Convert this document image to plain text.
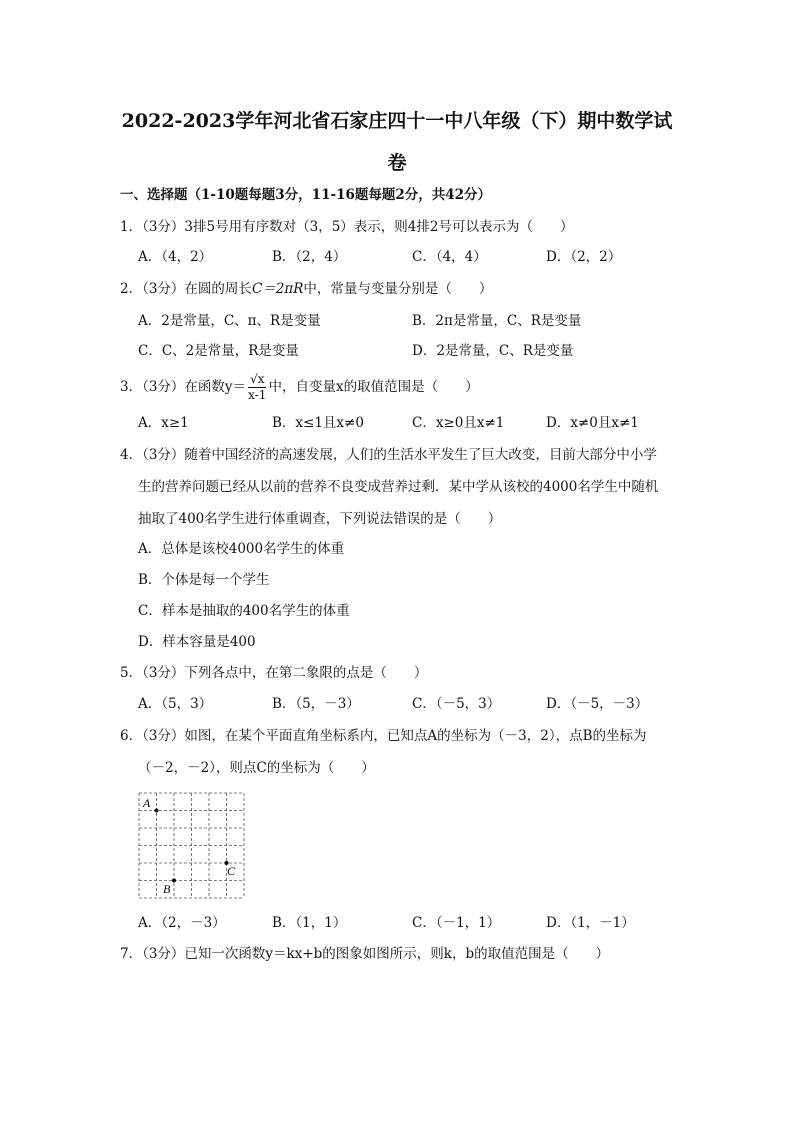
2022-2023学年河北省石家庄四十一中八年级（下）期中数学试
卷
一、选择题（1-10题每题3分，11-16题每题2分，共42分）
1．（3分）3排5号用有序数对（3，5）表示，则4排2号可以表示为（　　）
A．（4，2）	B．（2，4）	C．（4，4）	D．（2，2）
2．（3分）在圆的周长C＝2πR中，常量与变量分别是（　　）
A．2是常量，C、π、R是变量	B．2π是常量，C、R是变量
C．C、2是常量，R是变量	D．2是常量，C、R是变量
3．（3分）在函数$y= \frac{√x}{x-1}$ 中，自变量x的取值范围是（　　）
A．x≥1	B．x≤1且x≠0	C．x≥0且x≠1	D．x≠0且x≠1
4．（3分）随着中国经济的高速发展，人们的生活水平发生了巨大改变，目前大部分中小学
生的营养问题已经从以前的营养不良变成营养过剩．某中学从该校的4000名学生中随机
抽取了400名学生进行体重调查，下列说法错误的是（　　）
A．总体是该校4000名学生的体重
B．个体是每一个学生
C．样本是抽取的400名学生的体重
D．样本容量是400
5．（3分）下列各点中，在第二象限的点是（　　）
A．（5，3）	B．（5，－3）	C．（－5，3）	D．（－5，－3）
6．（3分）如图，在某个平面直角坐标系内，已知点A的坐标为（－3，2），点B的坐标为
（－2，－2），则点C的坐标为（　　）
A
B
C
A．（2，－3）	B．（1，1）	C．（－1，1）	D．（1，－1）
7．（3分）已知一次函数y＝kx+b的图象如图所示，则k，b的取值范围是（　　）
